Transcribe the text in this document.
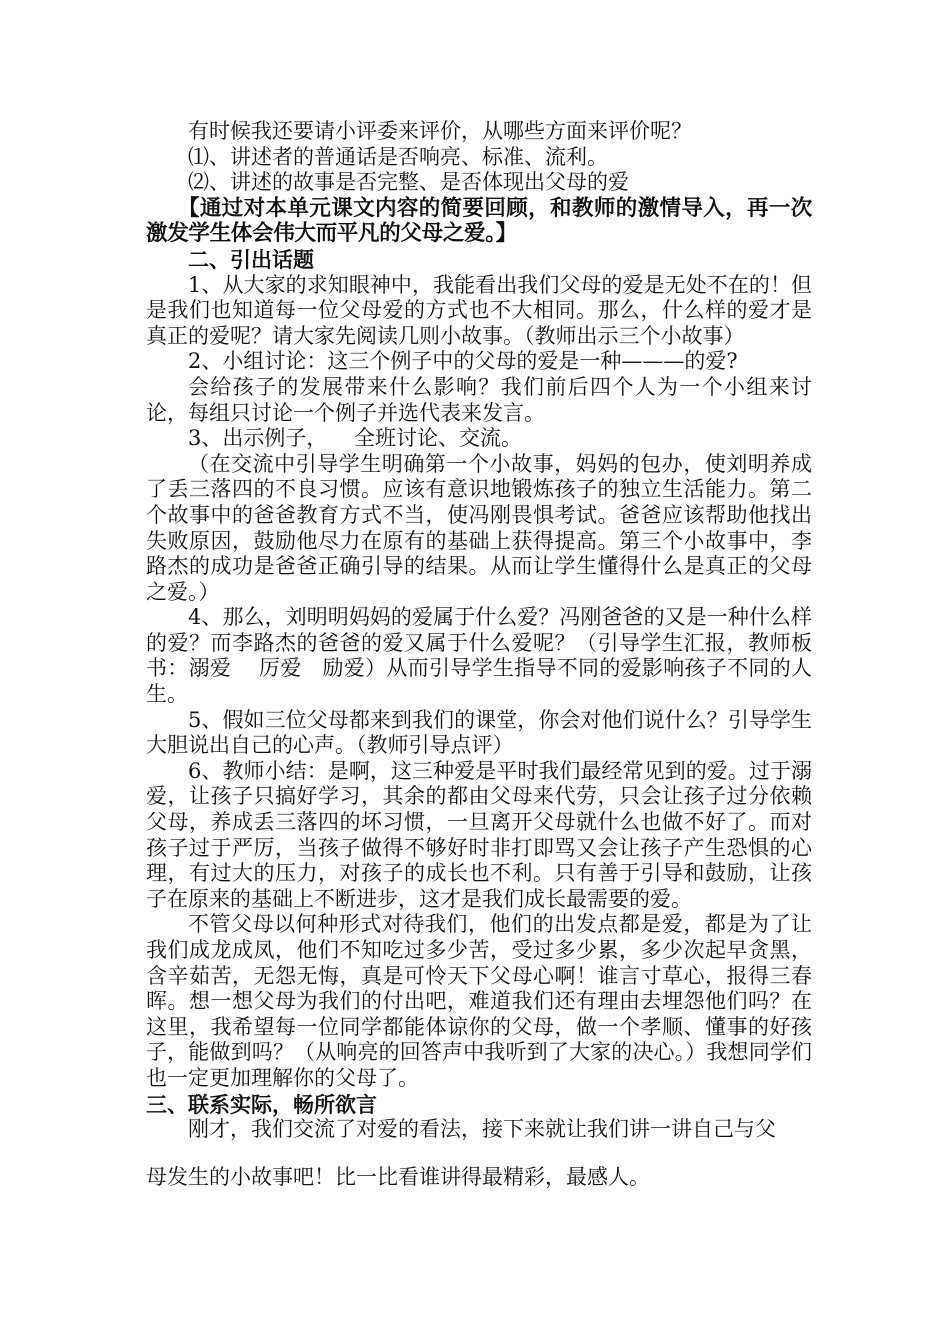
有时候我还要请小评委来评价，从哪些方面来评价呢？

⑴、讲述者的普通话是否响亮、标准、流利。

⑵、讲述的故事是否完整、是否体现出父母的爱

【通过对本单元课文内容的简要回顾，和教师的激情导入，再一次激发学生体会伟大而平凡的父母之爱。】

二、引出话题

1、从大家的求知眼神中，我能看出我们父母的爱是无处不在的！但是我们也知道每一位父母爱的方式也不大相同。那么，什么样的爱才是真正的爱呢？请大家先阅读几则小故事。（教师出示三个小故事）

2、小组讨论：这三个例子中的父母的爱是一种———的爱?

会给孩子的发展带来什么影响？我们前后四个人为一个小组来讨论，每组只讨论一个例子并选代表来发言。

3、出示例子，    全班讨论、交流。

（在交流中引导学生明确第一个小故事，妈妈的包办，使刘明养成了丢三落四的不良习惯。应该有意识地锻炼孩子的独立生活能力。第二个故事中的爸爸教育方式不当，使冯刚畏惧考试。爸爸应该帮助他找出失败原因，鼓励他尽力在原有的基础上获得提高。第三个小故事中，李路杰的成功是爸爸正确引导的结果。从而让学生懂得什么是真正的父母之爱。）

4、那么，刘明明妈妈的爱属于什么爱？冯刚爸爸的又是一种什么样的爱？而李路杰的爸爸的爱又属于什么爱呢？（引导学生汇报，教师板书：溺爱    厉爱   励爱）从而引导学生指导不同的爱影响孩子不同的人生。

5、假如三位父母都来到我们的课堂，你会对他们说什么？引导学生大胆说出自己的心声。（教师引导点评）

6、教师小结：是啊，这三种爱是平时我们最经常见到的爱。过于溺爱，让孩子只搞好学习，其余的都由父母来代劳，只会让孩子过分依赖父母，养成丢三落四的坏习惯，一旦离开父母就什么也做不好了。而对孩子过于严厉，当孩子做得不够好时非打即骂又会让孩子产生恐惧的心理，有过大的压力，对孩子的成长也不利。只有善于引导和鼓励，让孩子在原来的基础上不断进步，这才是我们成长最需要的爱。

不管父母以何种形式对待我们，他们的出发点都是爱，都是为了让我们成龙成凤，他们不知吃过多少苦，受过多少累，多少次起早贪黑，含辛茹苦，无怨无悔，真是可怜天下父母心啊！谁言寸草心，报得三春晖。想一想父母为我们的付出吧，难道我们还有理由去埋怨他们吗？在这里，我希望每一位同学都能体谅你的父母，做一个孝顺、懂事的好孩子，能做到吗？（从响亮的回答声中我听到了大家的决心。）我想同学们也一定更加理解你的父母了。

三、联系实际，畅所欲言

刚才，我们交流了对爱的看法，接下来就让我们讲一讲自己与父

母发生的小故事吧！比一比看谁讲得最精彩，最感人。
